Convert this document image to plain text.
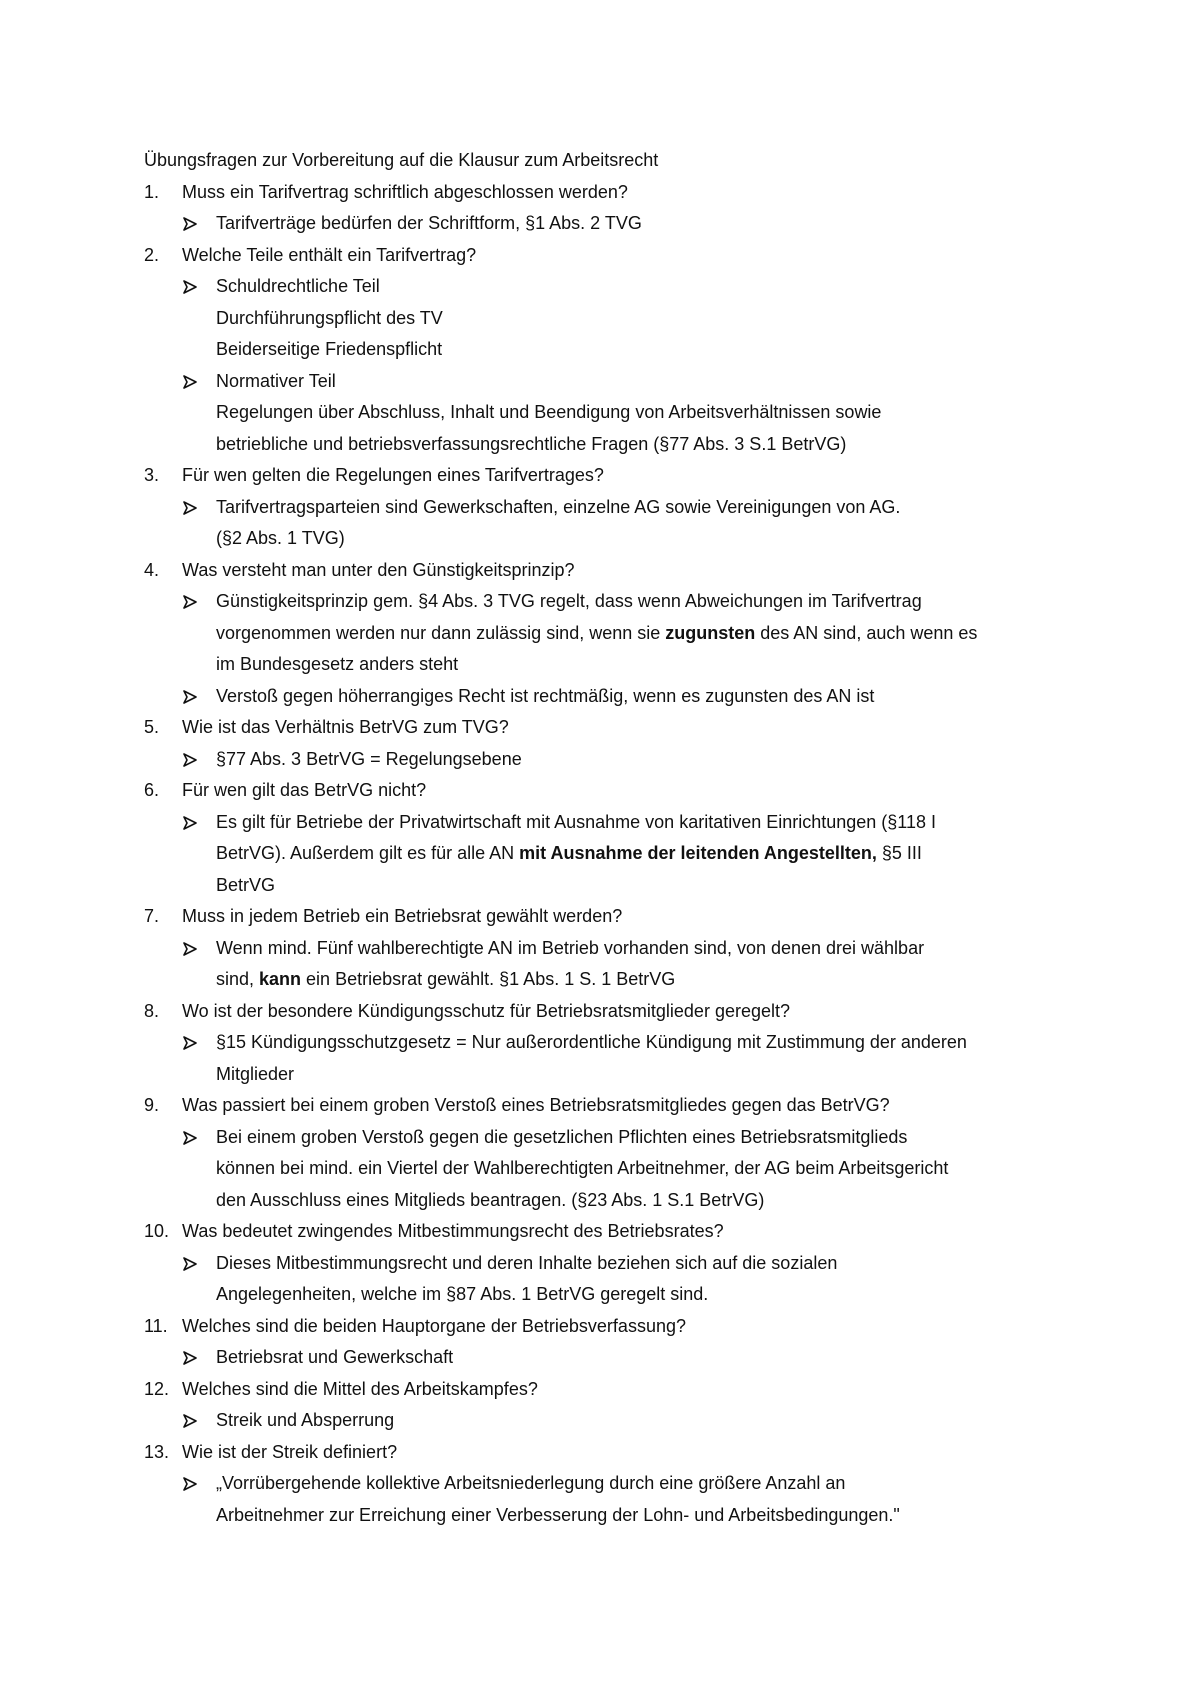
Übungsfragen zur Vorbereitung auf die Klausur zum Arbeitsrecht
1. Muss ein Tarifvertrag schriftlich abgeschlossen werden?
Tarifverträge bedürfen der Schriftform, §1 Abs. 2 TVG
2. Welche Teile enthält ein Tarifvertrag?
Schuldrechtliche Teil
Durchführungspflicht des TV
Beiderseitige Friedenspflicht
Normativer Teil
Regelungen über Abschluss, Inhalt und Beendigung von Arbeitsverhältnissen sowie
betriebliche und betriebsverfassungsrechtliche Fragen (§77 Abs. 3 S.1 BetrVG)
3. Für wen gelten die Regelungen eines Tarifvertrages?
Tarifvertragsparteien sind Gewerkschaften, einzelne AG sowie Vereinigungen von AG.
(§2 Abs. 1 TVG)
4. Was versteht man unter den Günstigkeitsprinzip?
Günstigkeitsprinzip gem. §4 Abs. 3 TVG regelt, dass wenn Abweichungen im Tarifvertrag
vorgenommen werden nur dann zulässig sind, wenn sie zugunsten des AN sind, auch wenn es
im Bundesgesetz anders steht
Verstoß gegen höherrangiges Recht ist rechtmäßig, wenn es zugunsten des AN ist
5. Wie ist das Verhältnis BetrVG zum TVG?
§77 Abs. 3 BetrVG = Regelungsebene
6. Für wen gilt das BetrVG nicht?
Es gilt für Betriebe der Privatwirtschaft mit Ausnahme von karitativen Einrichtungen (§118 I
BetrVG). Außerdem gilt es für alle AN mit Ausnahme der leitenden Angestellten, §5 III
BetrVG
7. Muss in jedem Betrieb ein Betriebsrat gewählt werden?
Wenn mind. Fünf wahlberechtigte AN im Betrieb vorhanden sind, von denen drei wählbar
sind, kann ein Betriebsrat gewählt. §1 Abs. 1 S. 1 BetrVG
8. Wo ist der besondere Kündigungsschutz für Betriebsratsmitglieder geregelt?
§15 Kündigungsschutzgesetz = Nur außerordentliche Kündigung mit Zustimmung der anderen
Mitglieder
9. Was passiert bei einem groben Verstoß eines Betriebsratsmitgliedes gegen das BetrVG?
Bei einem groben Verstoß gegen die gesetzlichen Pflichten eines Betriebsratsmitglieds
können bei mind. ein Viertel der Wahlberechtigten Arbeitnehmer, der AG beim Arbeitsgericht
den Ausschluss eines Mitglieds beantragen. (§23 Abs. 1 S.1 BetrVG)
10. Was bedeutet zwingendes Mitbestimmungsrecht des Betriebsrates?
Dieses Mitbestimmungsrecht und deren Inhalte beziehen sich auf die sozialen
Angelegenheiten, welche im §87 Abs. 1 BetrVG geregelt sind.
11. Welches sind die beiden Hauptorgane der Betriebsverfassung?
Betriebsrat und Gewerkschaft
12. Welches sind die Mittel des Arbeitskampfes?
Streik und Absperrung
13. Wie ist der Streik definiert?
„Vorrübergehende kollektive Arbeitsniederlegung durch eine größere Anzahl an
Arbeitnehmer zur Erreichung einer Verbesserung der Lohn- und Arbeitsbedingungen."
